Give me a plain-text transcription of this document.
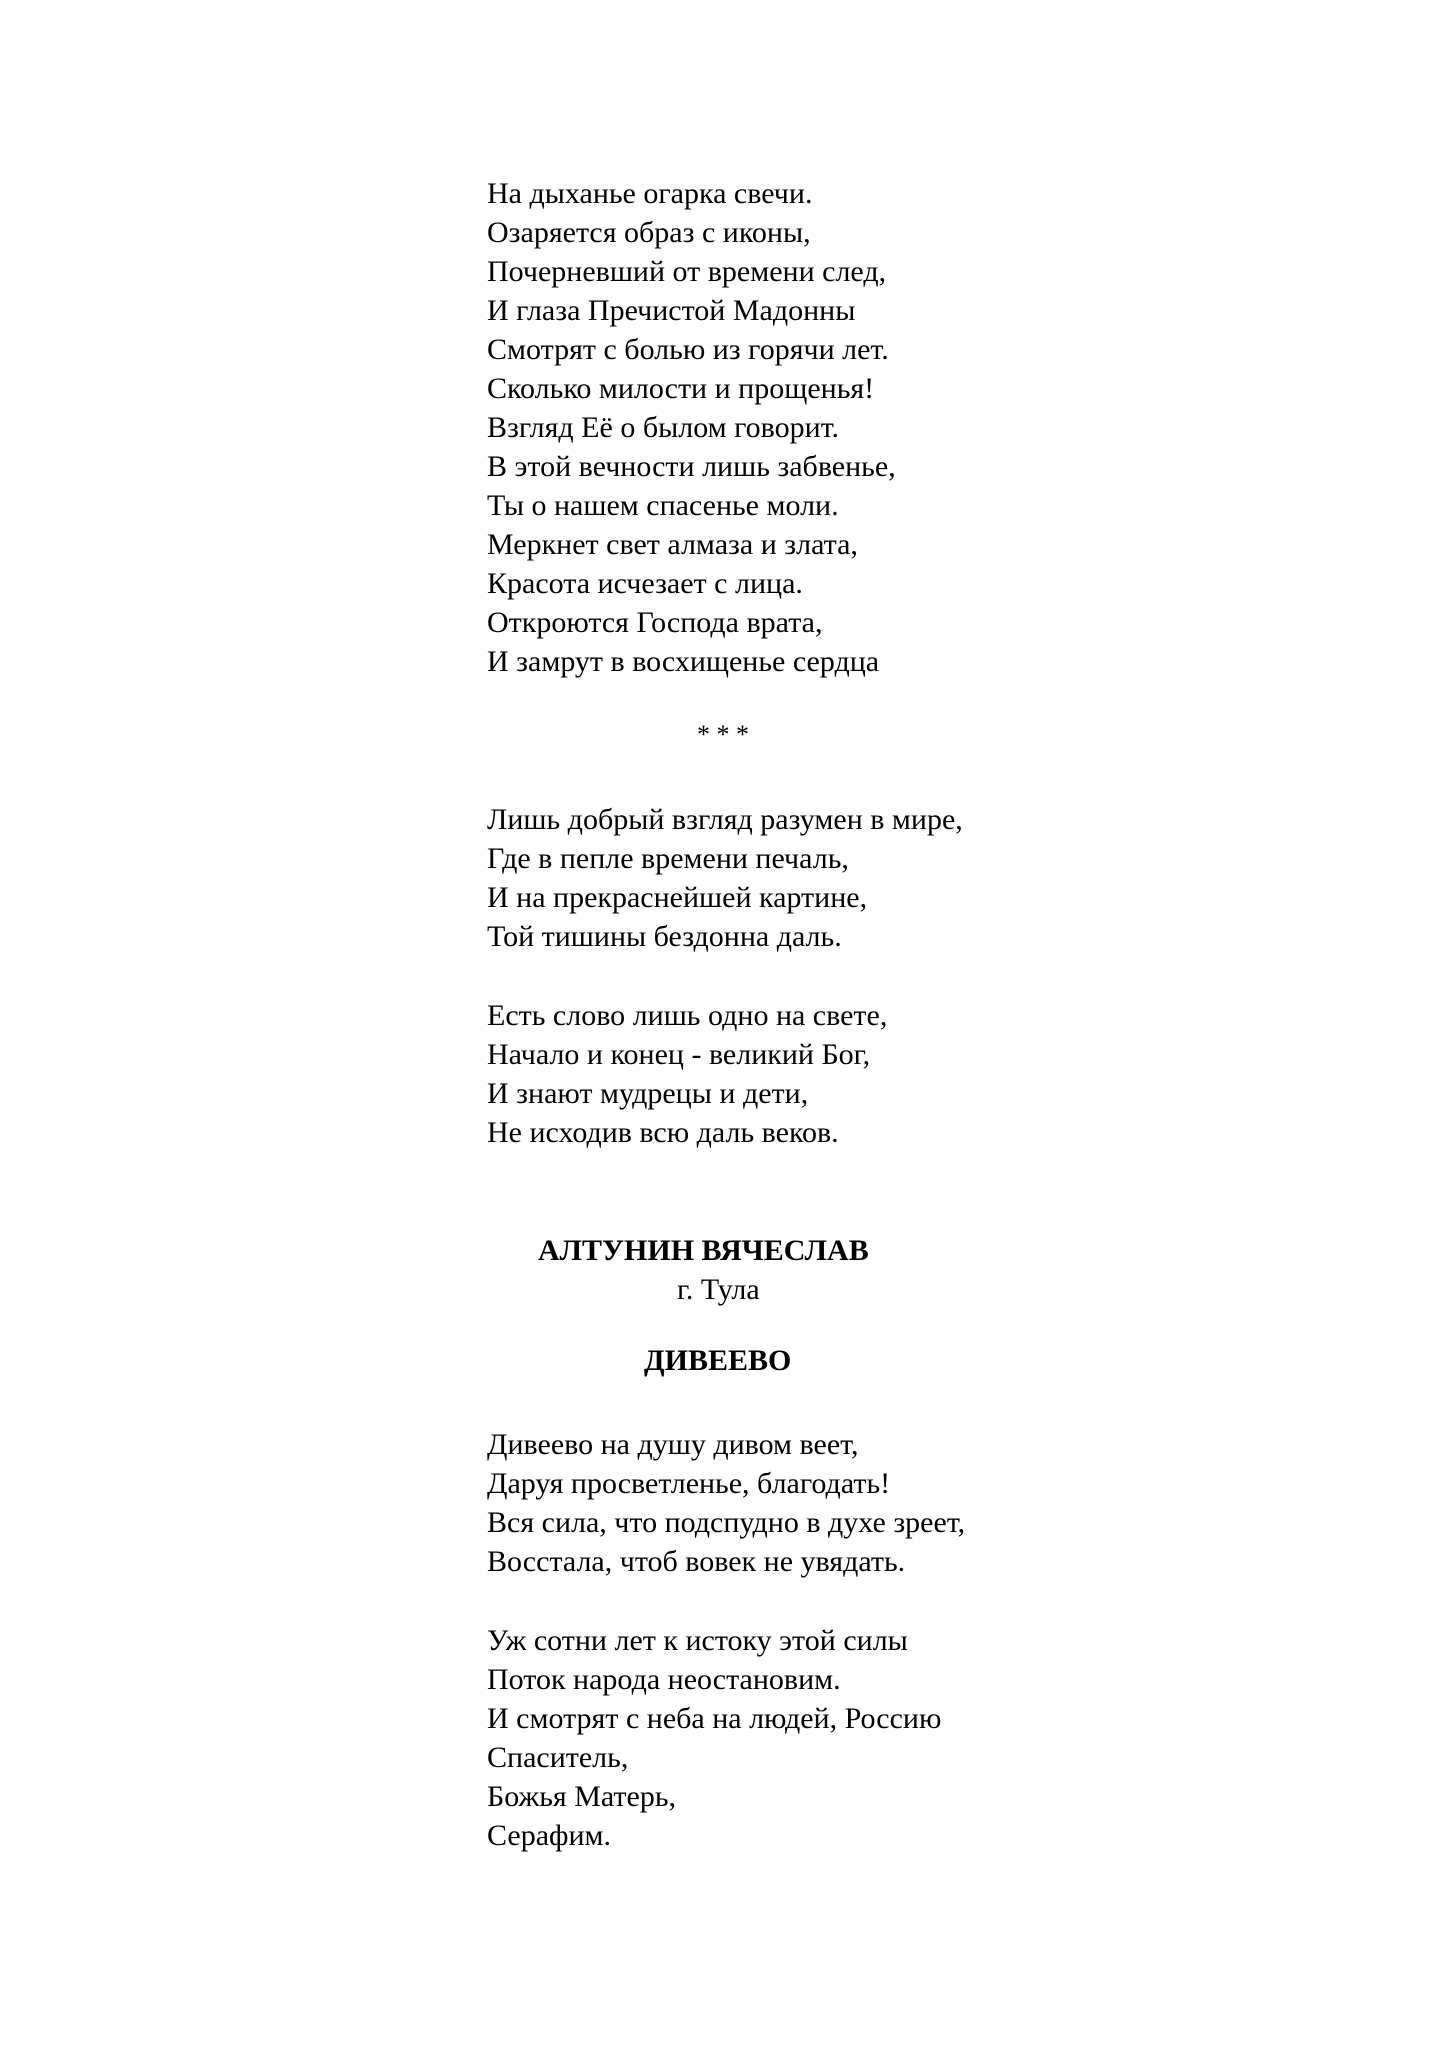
На дыханье огарка свечи.
Озаряется образ с иконы,
Почерневший от времени след,
И глаза Пречистой Мадонны
Смотрят с болью из горячи лет.
Сколько милости и прощенья!
Взгляд Её о былом говорит.
В этой вечности лишь забвенье,
Ты о нашем спасенье моли.
Меркнет свет алмаза и злата,
Красота исчезает с лица.
Откроются Господа врата,
И замрут в восхищенье сердца
* * *
Лишь добрый взгляд разумен в мире,
Где в пепле времени печаль,
И на прекраснейшей картине,
Той тишины бездонна даль.
Есть слово лишь одно на свете,
Начало и конец - великий Бог,
И знают мудрецы и дети,
Не исходив всю даль веков.
АЛТУНИН ВЯЧЕСЛАВ
г. Тула
ДИВЕЕВО
Дивеево на душу дивом веет,
Даруя просветленье, благодать!
Вся сила, что подспудно в духе зреет,
Восстала, чтоб вовек не увядать.
Уж сотни лет к истоку этой силы
Поток народа неостановим.
И смотрят с неба на людей, Россию
Спаситель,
Божья Матерь,
Серафим.
